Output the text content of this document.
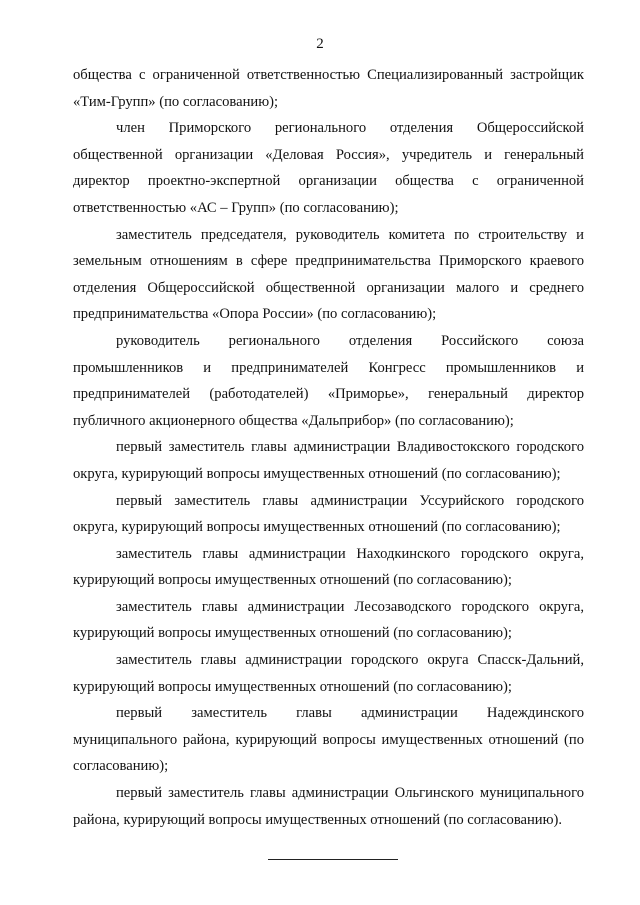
2

общества с ограниченной ответственностью Специализированный застройщик «Тим-Групп» (по согласованию);

член Приморского регионального отделения Общероссийской общественной организации «Деловая Россия», учредитель и генеральный директор проектно-экспертной организации общества с ограниченной ответственностью «АС – Групп» (по согласованию);

заместитель председателя, руководитель комитета по строительству и земельным отношениям в сфере предпринимательства Приморского краевого отделения Общероссийской общественной организации малого и среднего предпринимательства «Опора России» (по согласованию);

руководитель регионального отделения Российского союза промышленников и предпринимателей Конгресс промышленников и предпринимателей (работодателей) «Приморье», генеральный директор публичного акционерного общества «Дальприбор» (по согласованию);

первый заместитель главы администрации Владивостокского городского округа, курирующий вопросы имущественных отношений (по согласованию);

первый заместитель главы администрации Уссурийского городского округа, курирующий вопросы имущественных отношений (по согласованию);

заместитель главы администрации Находкинского городского округа, курирующий вопросы имущественных отношений (по согласованию);

заместитель главы администрации Лесозаводского городского округа, курирующий вопросы имущественных отношений (по согласованию);

заместитель главы администрации городского округа Спасск-Дальний, курирующий вопросы имущественных отношений (по согласованию);

первый заместитель главы администрации Надеждинского муниципального района, курирующий вопросы имущественных отношений (по согласованию);

первый заместитель главы администрации Ольгинского муниципального района, курирующий вопросы имущественных отношений (по согласованию).
